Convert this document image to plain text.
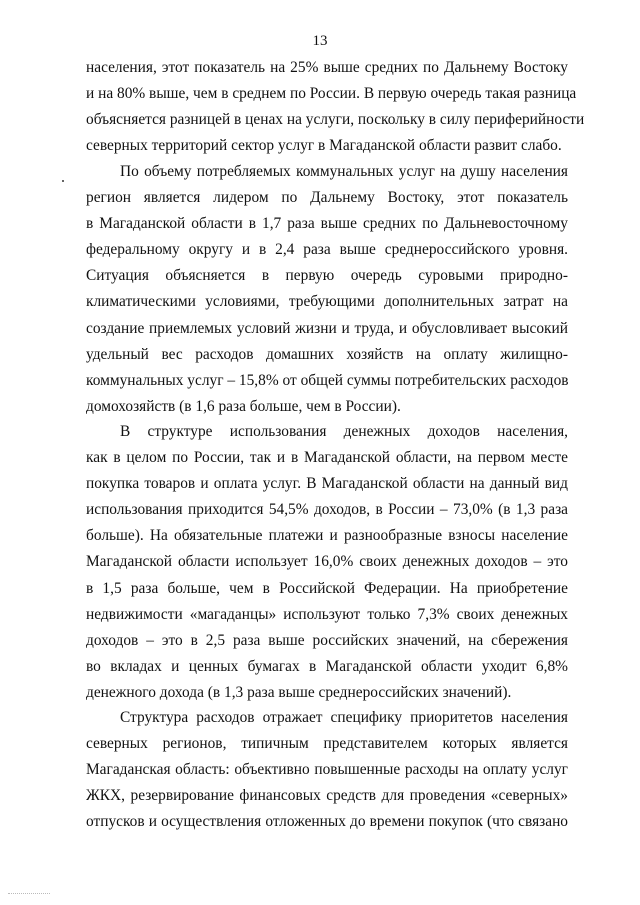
13

населения, этот показатель на 25% выше средних по Дальнему Востоку
и на 80% выше, чем в среднем по России. В первую очередь такая разница
объясняется разницей в ценах на услуги, поскольку в силу периферийности
северных территорий сектор услуг в Магаданской области развит слабо.

По объему потребляемых коммунальных услуг на душу населения
регион является лидером по Дальнему Востоку, этот показатель
в Магаданской области в 1,7 раза выше средних по Дальневосточному
федеральному округу и в 2,4 раза выше среднероссийского уровня.
Ситуация объясняется в первую очередь суровыми природно-
климатическими условиями, требующими дополнительных затрат на
создание приемлемых условий жизни и труда, и обусловливает высокий
удельный вес расходов домашних хозяйств на оплату жилищно-
коммунальных услуг – 15,8% от общей суммы потребительских расходов
домохозяйств (в 1,6 раза больше, чем в России).

В структуре использования денежных доходов населения,
как в целом по России, так и в Магаданской области, на первом месте
покупка товаров и оплата услуг. В Магаданской области на данный вид
использования приходится 54,5% доходов, в России – 73,0% (в 1,3 раза
больше). На обязательные платежи и разнообразные взносы население
Магаданской области использует 16,0% своих денежных доходов – это
в 1,5 раза больше, чем в Российской Федерации. На приобретение
недвижимости «магаданцы» используют только 7,3% своих денежных
доходов – это в 2,5 раза выше российских значений, на сбережения
во вкладах и ценных бумагах в Магаданской области уходит 6,8%
денежного дохода (в 1,3 раза выше среднероссийских значений).

Структура расходов отражает специфику приоритетов населения
северных регионов, типичным представителем которых является
Магаданская область: объективно повышенные расходы на оплату услуг
ЖКХ, резервирование финансовых средств для проведения «северных»
отпусков и осуществления отложенных до времени покупок (что связано
